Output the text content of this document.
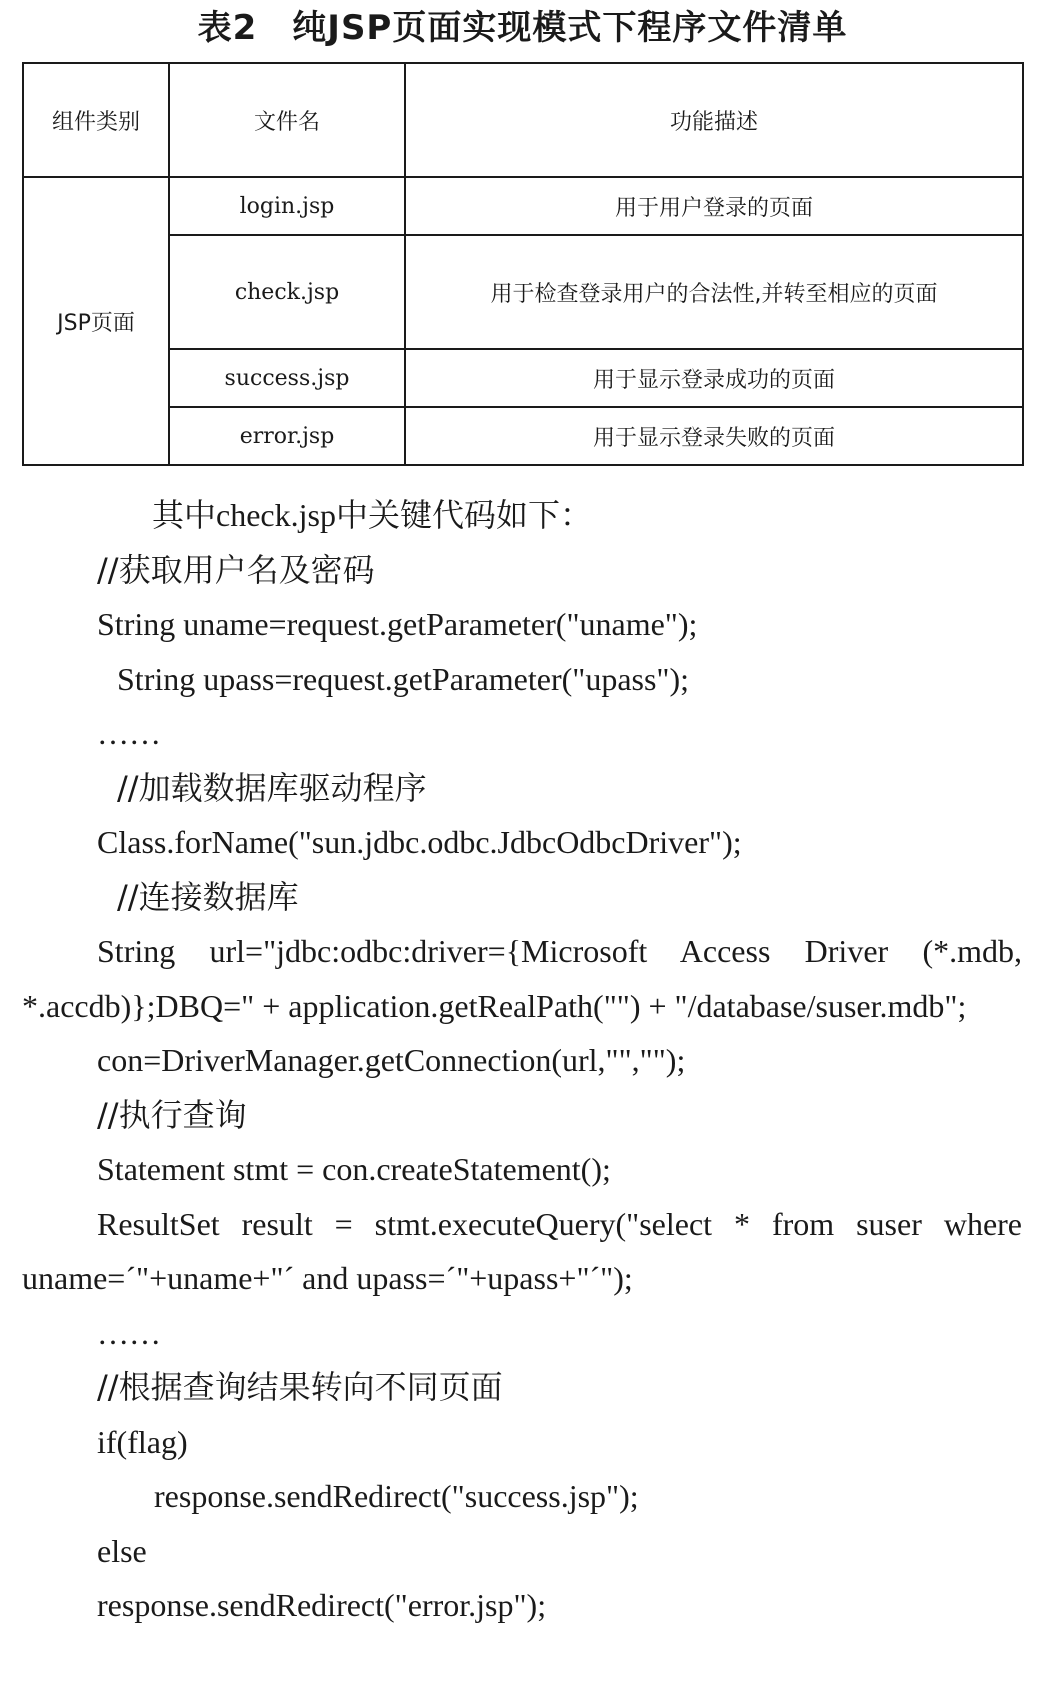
表2　纯JSP页面实现模式下程序文件清单
组件类别	文件名	功能描述
JSP页面	login.jsp	用于用户登录的页面
	check.jsp	用于检查登录用户的合法性,并转至相应的页面
	success.jsp	用于显示登录成功的页面
	error.jsp	用于显示登录失败的页面
其中check.jsp中关键代码如下：
//获取用户名及密码
String uname=request.getParameter("uname");
String upass=request.getParameter("upass");
……
//加载数据库驱动程序
Class.forName("sun.jdbc.odbc.JdbcOdbcDriver");
//连接数据库
String url="jdbc:odbc:driver={Microsoft Access Driver (*.mdb, *.accdb)};DBQ=" + application.getRealPath("") + "/database/suser.mdb";
con=DriverManager.getConnection(url,"","");
//执行查询
Statement stmt = con.createStatement();
ResultSet result = stmt.executeQuery("select * from suser where uname=´"+uname+"´ and upass=´"+upass+"´");
……
//根据查询结果转向不同页面
if(flag)
response.sendRedirect("success.jsp");
else
response.sendRedirect("error.jsp");
